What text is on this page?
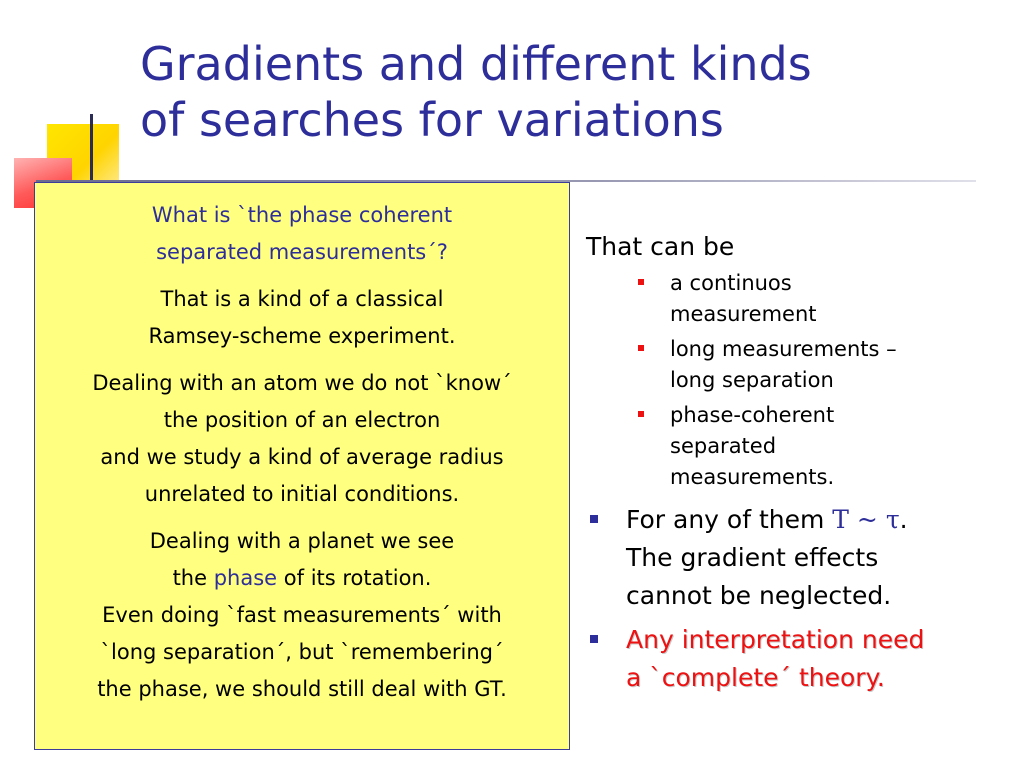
Gradients and different kinds
of searches for variations

What is `the phase coherent
separated measurements´?

That is a kind of a classical
Ramsey-scheme experiment.

Dealing with an atom we do not `know´
the position of an electron
and we study a kind of average radius
unrelated to initial conditions.

Dealing with a planet we see
the phase of its rotation.
Even doing `fast measurements´ with
`long separation´, but `remembering´
the phase, we should still deal with GT.

That can be

a continuos
measurement
long measurements –
long separation
phase-coherent
separated
measurements.
For any of them T ~ τ.
The gradient effects
cannot be neglected.
Any interpretation need
a `complete´ theory.
